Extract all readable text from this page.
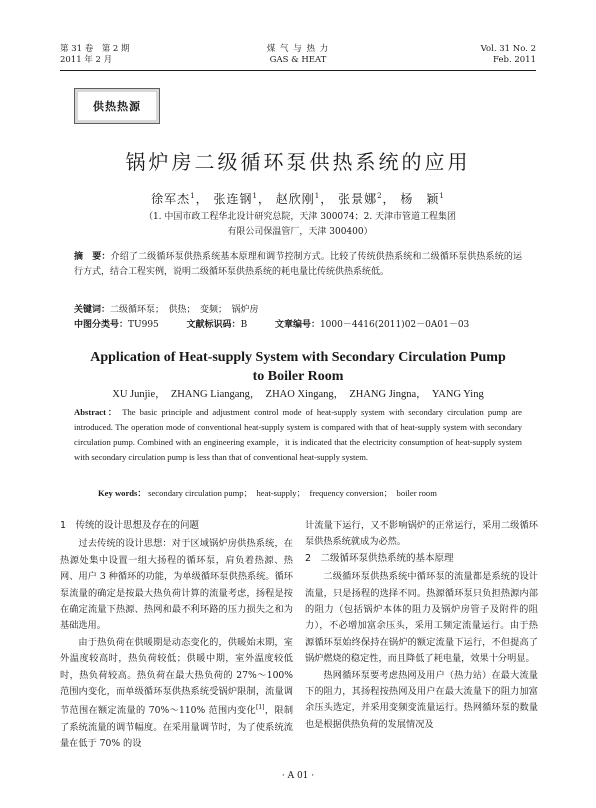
第 31 卷　第 2 期
2011 年 2 月
煤 气 与 热 力
GAS & HEAT
Vol. 31 No. 2
Feb. 2011
供热热源
锅炉房二级循环泵供热系统的应用
徐军杰$^1$， 张连钢$^1$， 赵欣刚$^1$， 张景娜$^2$， 杨　颖$^1$
（1. 中国市政工程华北设计研究总院，天津 300074；2. 天津市管道工程集团
有限公司保温管厂，天津 300400）
摘　要：介绍了二级循环泵供热系统基本原理和调节控制方式。比较了传统供热系统和二级循环泵供热系统的运行方式，结合工程实例，说明二级循环泵供热系统的耗电量比传统供热系统低。
关键词：二级循环泵；　供热；　变频；　锅炉房
中图分类号：TU995	文献标识码：B	文章编号：1000－4416(2011)02－0A01－03
Application of Heat-supply System with Secondary Circulation Pump to Boiler Room
XU Junjie，　ZHANG Liangang，　ZHAO Xingang，　ZHANG Jingna，　YANG Ying
Abstract： The basic principle and adjustment control mode of heat-supply system with secondary circulation pump are introduced. The operation mode of conventional heat-supply system is compared with that of heat-supply system with secondary circulation pump. Combined with an engineering example，it is indicated that the electricity consumption of heat-supply system with secondary circulation pump is less than that of conventional heat-supply system.
Key words： secondary circulation pump；　heat-supply；　frequency conversion；　boiler room
1　传统的设计思想及存在的问题

过去传统的设计思想：对于区域锅炉房供热系统，在热源处集中设置一组大扬程的循环泵，肩负着热源、热网、用户 3 种循环的功能，为单级循环泵供热系统。循环泵流量的确定是按最大热负荷计算的流量考虑，扬程是按在确定流量下热源、热网和最不利环路的压力损失之和为基础选用。

由于热负荷在供暖期是动态变化的，供暖始末期，室外温度较高时，热负荷较低；供暖中期，室外温度较低时，热负荷较高。热负荷在最大热负荷的 27%～100% 范围内变化，而单级循环泵供热系统受锅炉限制，流量调节范围在额定流量的 70%～110% 范围内变化[1]，限制了系统流量的调节幅度。在采用量调节时，为了使系统流量在低于 70% 的设

计流量下运行，又不影响锅炉的正常运行，采用二级循环泵供热系统就成为必然。

2　二级循环泵供热系统的基本原理

二级循环泵供热系统中循环泵的流量都是系统的设计流量，只是扬程的选择不同。热源循环泵只负担热源内部的阻力（包括锅炉本体的阻力及锅炉房管子及附件的阻力），不必增加富余压头，采用工频定流量运行。由于热源循环泵始终保持在锅炉的额定流量下运行，不但提高了锅炉燃烧的稳定性，而且降低了耗电量，效果十分明显。

热网循环泵要考虑热网及用户（热力站）在最大流量下的阻力，其扬程按热网及用户在最大流量下的阻力加富余压头选定，并采用变频变流量运行。热网循环泵的数量也是根据供热负荷的发展情况及

· A 01 ·
